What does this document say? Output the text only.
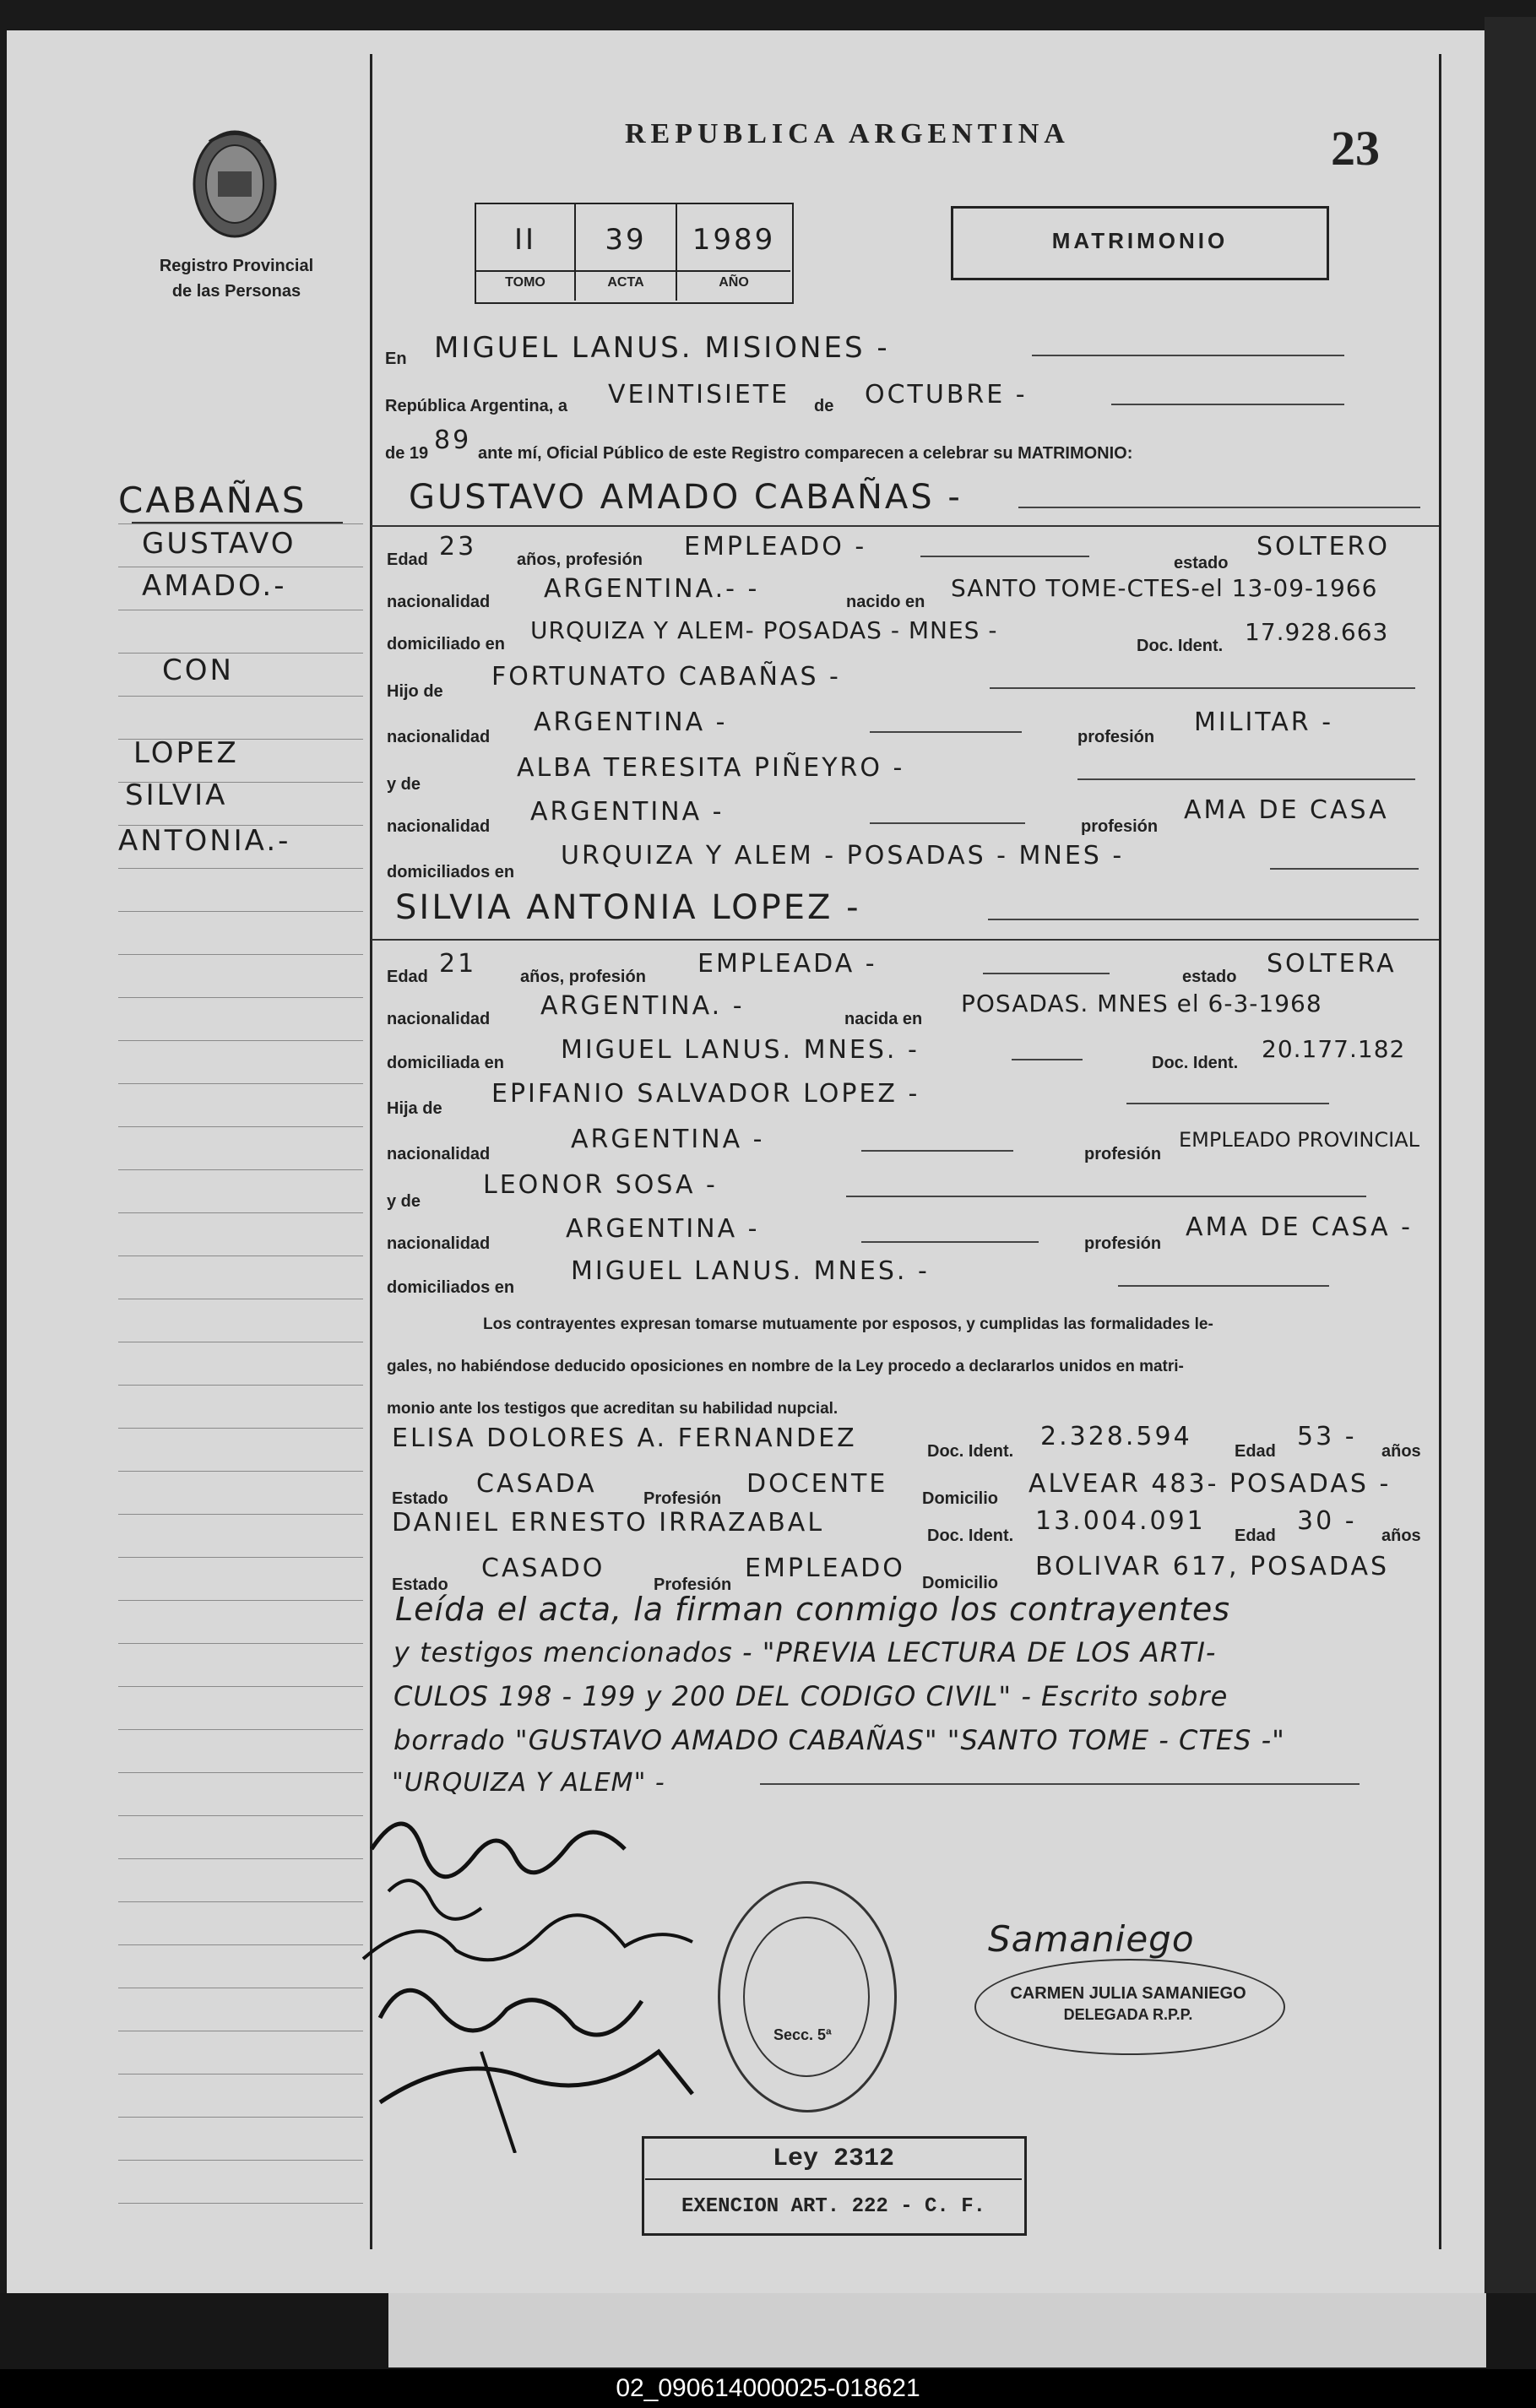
Registro Provincial
de las Personas
REPUBLICA ARGENTINA	23
II	39	1989
TOMO	ACTA	AÑO
MATRIMONIO
CABAÑAS
GUSTAVO
AMADO.-
CON
LOPEZ
SILVIA
ANTONIA.-
En MIGUEL LANUS. MISIONES -
República Argentina, a VEINTISIETE de OCTUBRE -
de 19 89 ante mí, Oficial Público de este Registro comparecen a celebrar su MATRIMONIO:
GUSTAVO AMADO CABAÑAS -
Edad 23 años, profesión EMPLEADO -
estado
SOLTERO
nacionalidad ARGENTINA.- -	nacido en SANTO TOME-CTES-el 13-09-1966
domiciliado en URQUIZA Y ALEM- POSADAS - MNES -
Doc. Ident. 17.928.663
Hijo de FORTUNATO CABAÑAS -
nacionalidad ARGENTINA -	profesión MILITAR -
y de
ALBA TERESITA PIÑEYRO -
nacionalidad ARGENTINA -	profesión
AMA DE CASA
domiciliados en
URQUIZA Y ALEM - POSADAS - MNES -
SILVIA ANTONIA LOPEZ -
Edad 21	años, profesión EMPLEADA -	estado SOLTERA
nacionalidad ARGENTINA. -	nacida en
POSADAS. MNES el 6-3-1968
domiciliada en MIGUEL LANUS. MNES. -	Doc. Ident. 20.177.182
Hija de EPIFANIO SALVADOR LOPEZ -
nacionalidad	ARGENTINA -	profesión
EMPLEADO PROVINCIAL
y de
LEONOR SOSA -
nacionalidad	ARGENTINA -	profesión
AMA DE CASA -
domiciliados en
MIGUEL LANUS. MNES. -
Los contrayentes expresan tomarse mutuamente por esposos, y cumplidas las formalidades le-
gales, no habiéndose deducido oposiciones en nombre de la Ley procedo a declararlos unidos en matri-
monio ante los testigos que acreditan su habilidad nupcial.
ELISA DOLORES A. FERNANDEZ	Doc. Ident. 2.328.594	Edad 53 - años
Estado CASADA	Profesión DOCENTE Domicilio ALVEAR 483- POSADAS -
DANIEL ERNESTO IRRAZABAL	Doc. Ident. 13.004.091 Edad 30 - años
Estado
CASADO
Profesión
EMPLEADO Domicilio
BOLIVAR 617, POSADAS
Leída el acta, la firman conmigo los contrayentes
y testigos mencionados - "PREVIA LECTURA DE LOS ARTI-
CULOS 198 - 199 y 200 DEL CODIGO CIVIL" - Escrito sobre
borrado "GUSTAVO AMADO CABAÑAS" "SANTO TOME - CTES -"
"URQUIZA Y ALEM" -
Secc. 5ª
Samaniego
CARMEN JULIA SAMANIEGO
DELEGADA R.P.P.
Ley 2312
EXENCION ART. 222 - C. F.
02_090614000025-018621
